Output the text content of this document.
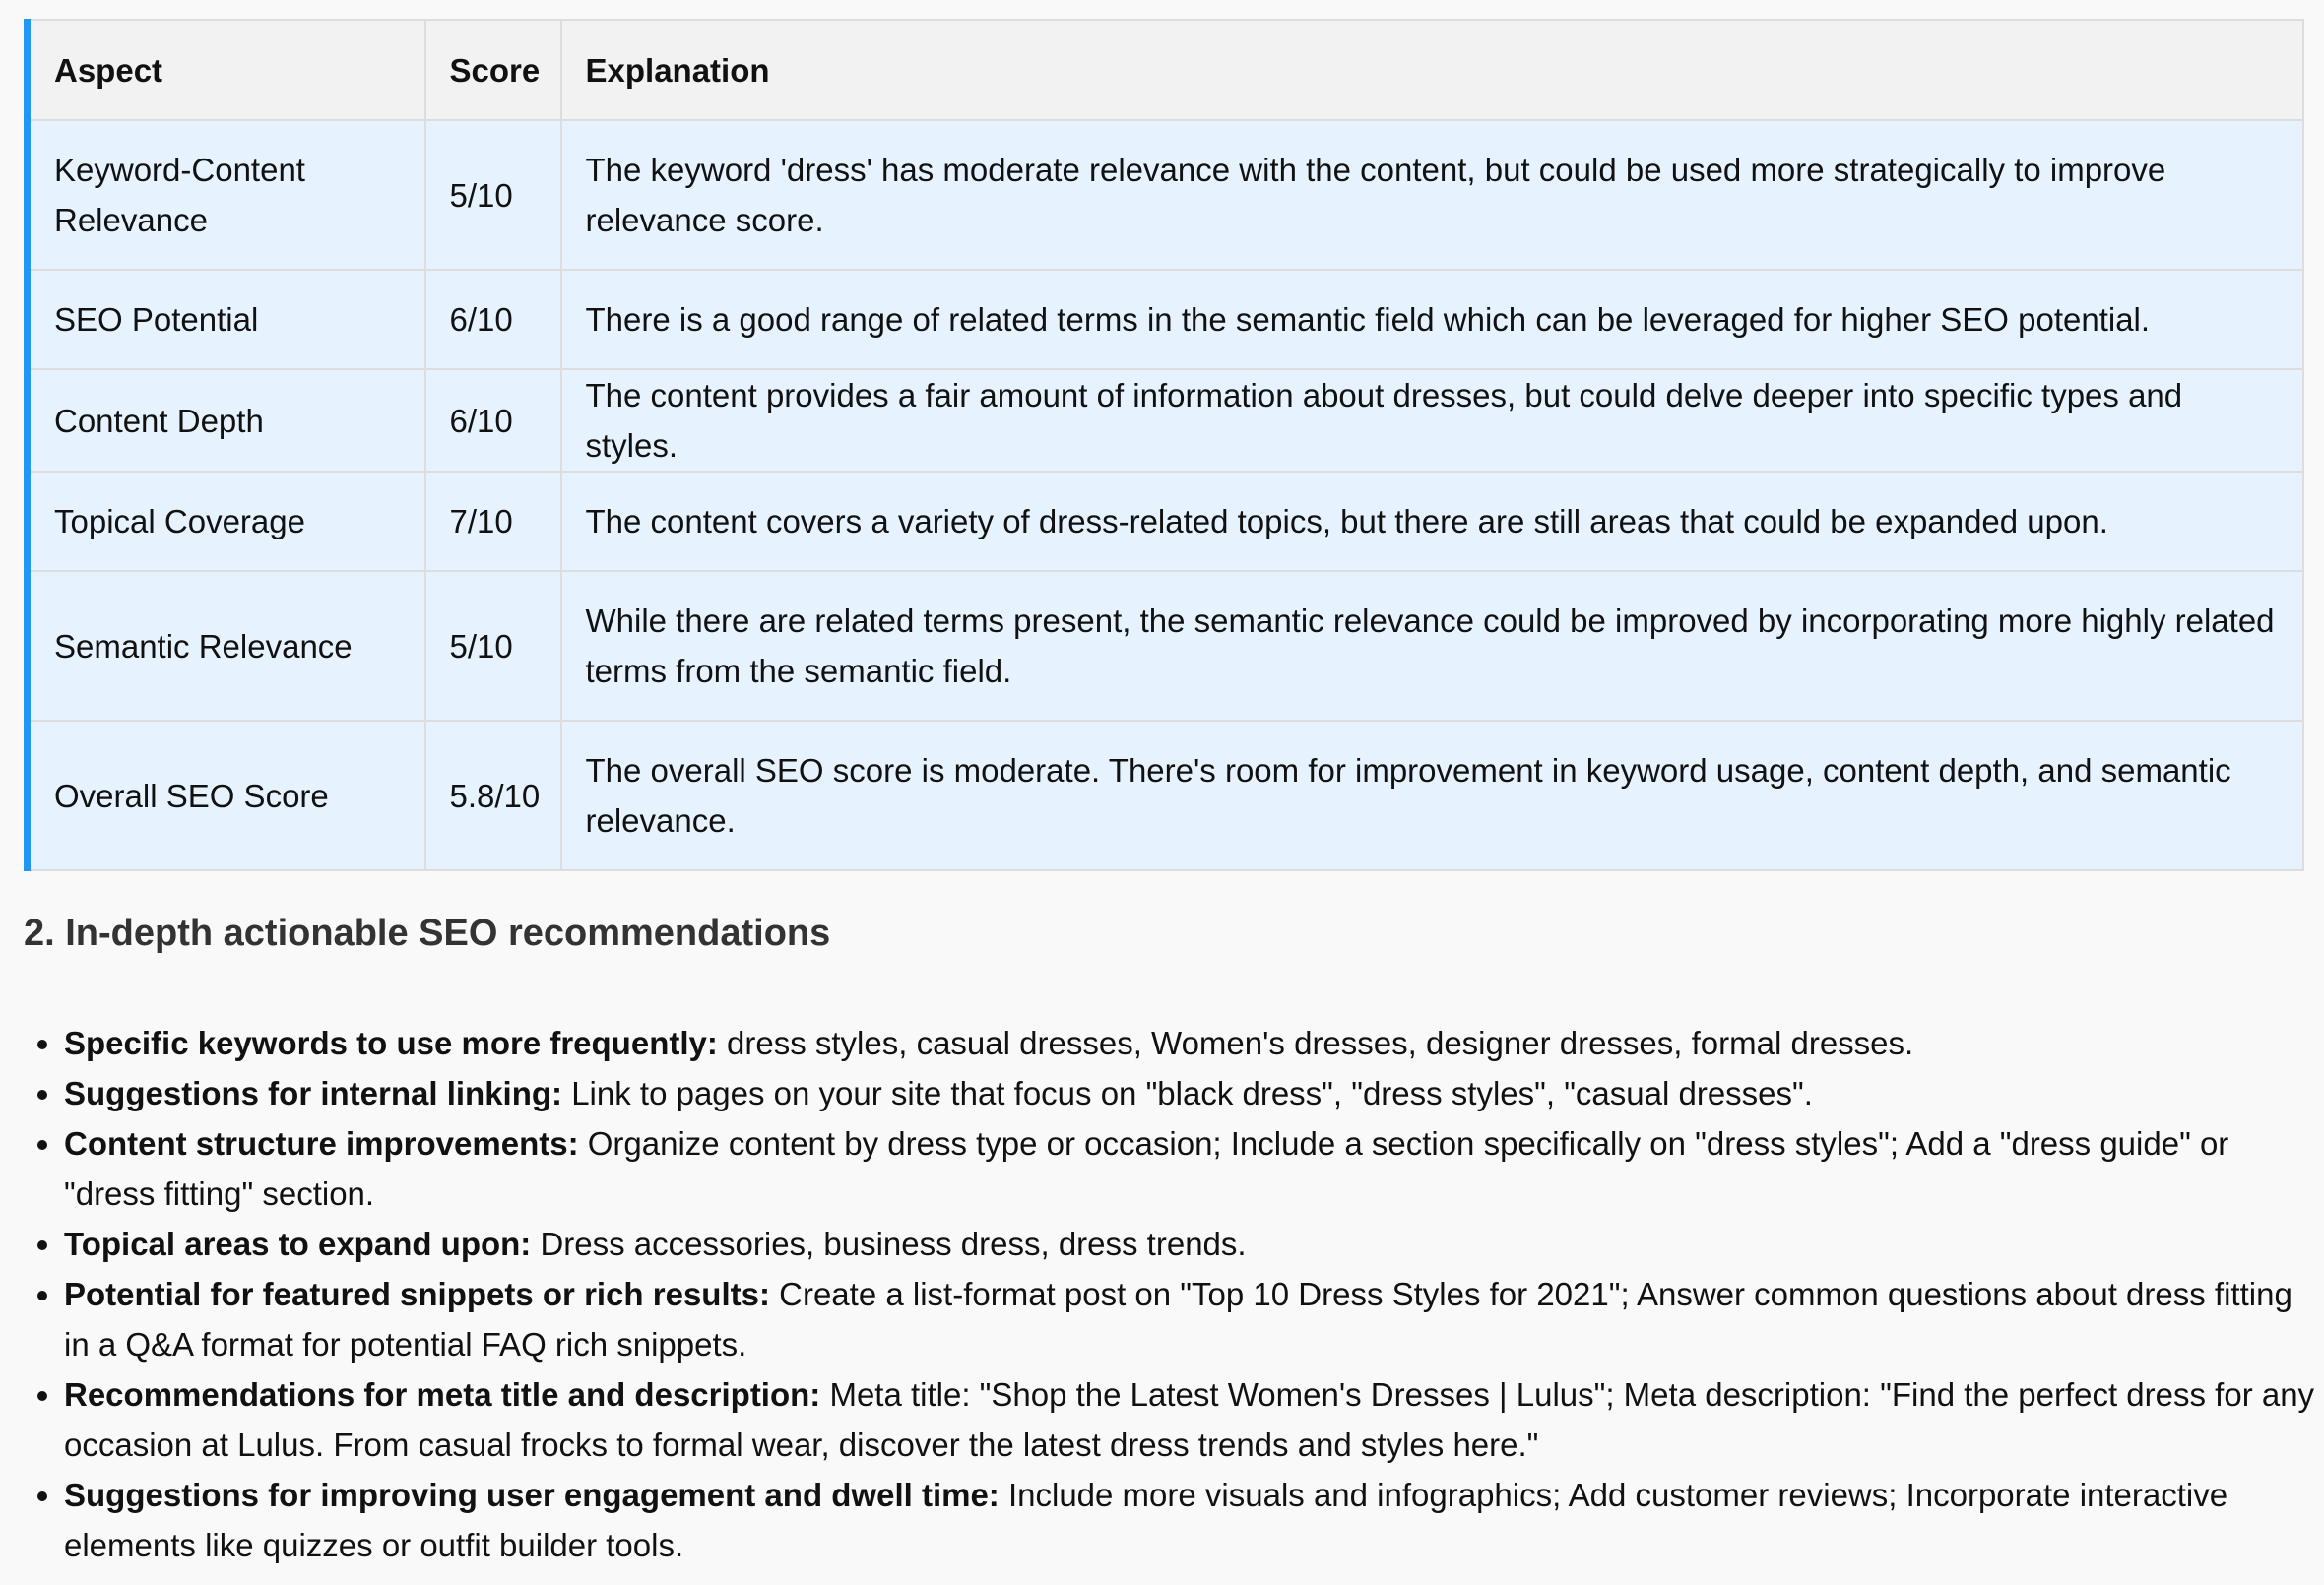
Aspect	Score	Explanation
Keyword-Content Relevance	5/10	The keyword 'dress' has moderate relevance with the content, but could be used more strategically to improve relevance score.
SEO Potential	6/10	There is a good range of related terms in the semantic field which can be leveraged for higher SEO potential.
Content Depth	6/10	The content provides a fair amount of information about dresses, but could delve deeper into specific types and styles.
Topical Coverage	7/10	The content covers a variety of dress-related topics, but there are still areas that could be expanded upon.
Semantic Relevance	5/10	While there are related terms present, the semantic relevance could be improved by incorporating more highly related terms from the semantic field.
Overall SEO Score	5.8/10	The overall SEO score is moderate. There's room for improvement in keyword usage, content depth, and semantic relevance.
2. In-depth actionable SEO recommendations
• Specific keywords to use more frequently: dress styles, casual dresses, Women's dresses, designer dresses, formal dresses.
• Suggestions for internal linking: Link to pages on your site that focus on "black dress", "dress styles", "casual dresses".
• Content structure improvements: Organize content by dress type or occasion; Include a section specifically on "dress styles"; Add a "dress guide" or "dress fitting" section.
• Topical areas to expand upon: Dress accessories, business dress, dress trends.
• Potential for featured snippets or rich results: Create a list-format post on "Top 10 Dress Styles for 2021"; Answer common questions about dress fitting in a Q&A format for potential FAQ rich snippets.
• Recommendations for meta title and description: Meta title: "Shop the Latest Women's Dresses | Lulus"; Meta description: "Find the perfect dress for any occasion at Lulus. From casual frocks to formal wear, discover the latest dress trends and styles here."
• Suggestions for improving user engagement and dwell time: Include more visuals and infographics; Add customer reviews; Incorporate interactive elements like quizzes or outfit builder tools.
